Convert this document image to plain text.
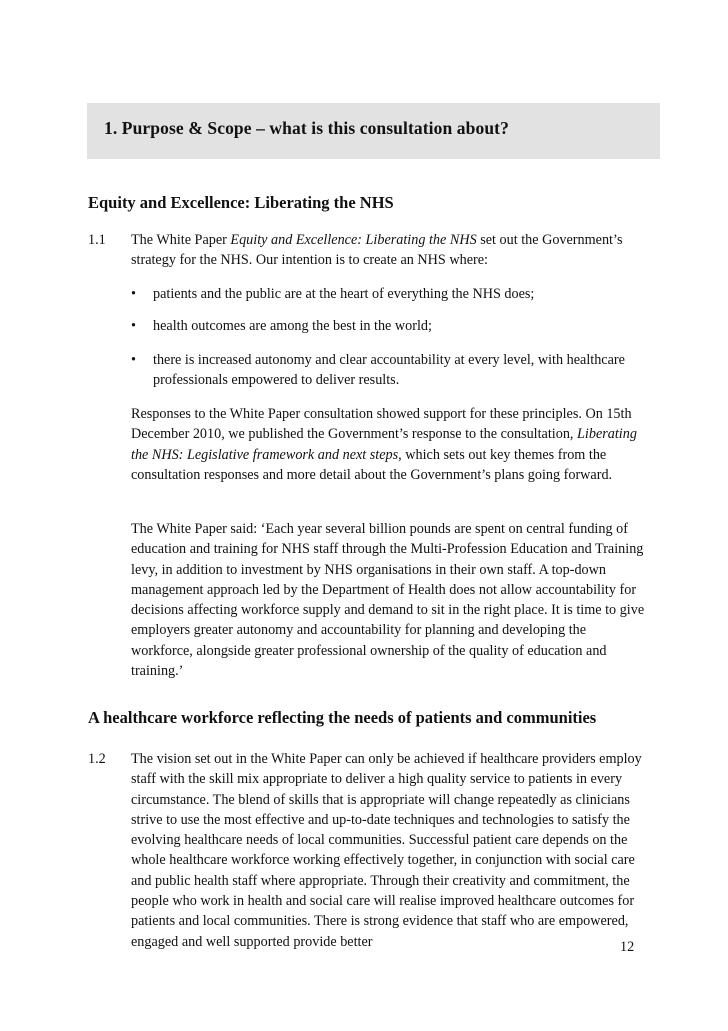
1. Purpose & Scope – what is this consultation about?
Equity and Excellence: Liberating the NHS
1.1 The White Paper Equity and Excellence: Liberating the NHS set out the Government’s strategy for the NHS. Our intention is to create an NHS where:

• patients and the public are at the heart of everything the NHS does;

• health outcomes are among the best in the world;

• there is increased autonomy and clear accountability at every level, with healthcare professionals empowered to deliver results.

Responses to the White Paper consultation showed support for these principles. On 15th December 2010, we published the Government’s response to the consultation, Liberating the NHS: Legislative framework and next steps, which sets out key themes from the consultation responses and more detail about the Government’s plans going forward.

The White Paper said: ‘Each year several billion pounds are spent on central funding of education and training for NHS staff through the Multi-Profession Education and Training levy, in addition to investment by NHS organisations in their own staff. A top-down management approach led by the Department of Health does not allow accountability for decisions affecting workforce supply and demand to sit in the right place. It is time to give employers greater autonomy and accountability for planning and developing the workforce, alongside greater professional ownership of the quality of education and training.’

A healthcare workforce reflecting the needs of patients and communities
1.2 The vision set out in the White Paper can only be achieved if healthcare providers employ staff with the skill mix appropriate to deliver a high quality service to patients in every circumstance. The blend of skills that is appropriate will change repeatedly as clinicians strive to use the most effective and up-to-date techniques and technologies to satisfy the evolving healthcare needs of local communities. Successful patient care depends on the whole healthcare workforce working effectively together, in conjunction with social care and public health staff where appropriate. Through their creativity and commitment, the people who work in health and social care will realise improved healthcare outcomes for patients and local communities. There is strong evidence that staff who are empowered, engaged and well supported provide better	12
